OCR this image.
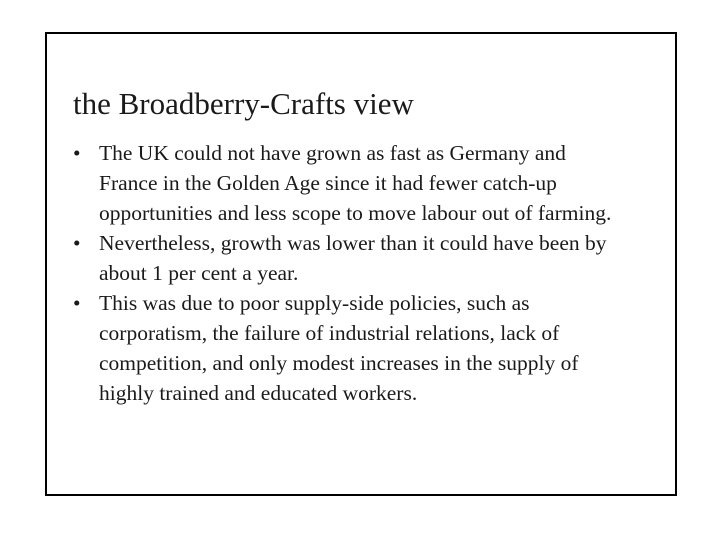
the Broadberry-Crafts view
• The UK could not have grown as fast as Germany and
France in the Golden Age since it had fewer catch-up
opportunities and less scope to move labour out of farming.
• Nevertheless, growth was lower than it could have been by
about 1 per cent a year.
• This was due to poor supply-side policies, such as
corporatism, the failure of industrial relations, lack of
competition, and only modest increases in the supply of
highly trained and educated workers.
